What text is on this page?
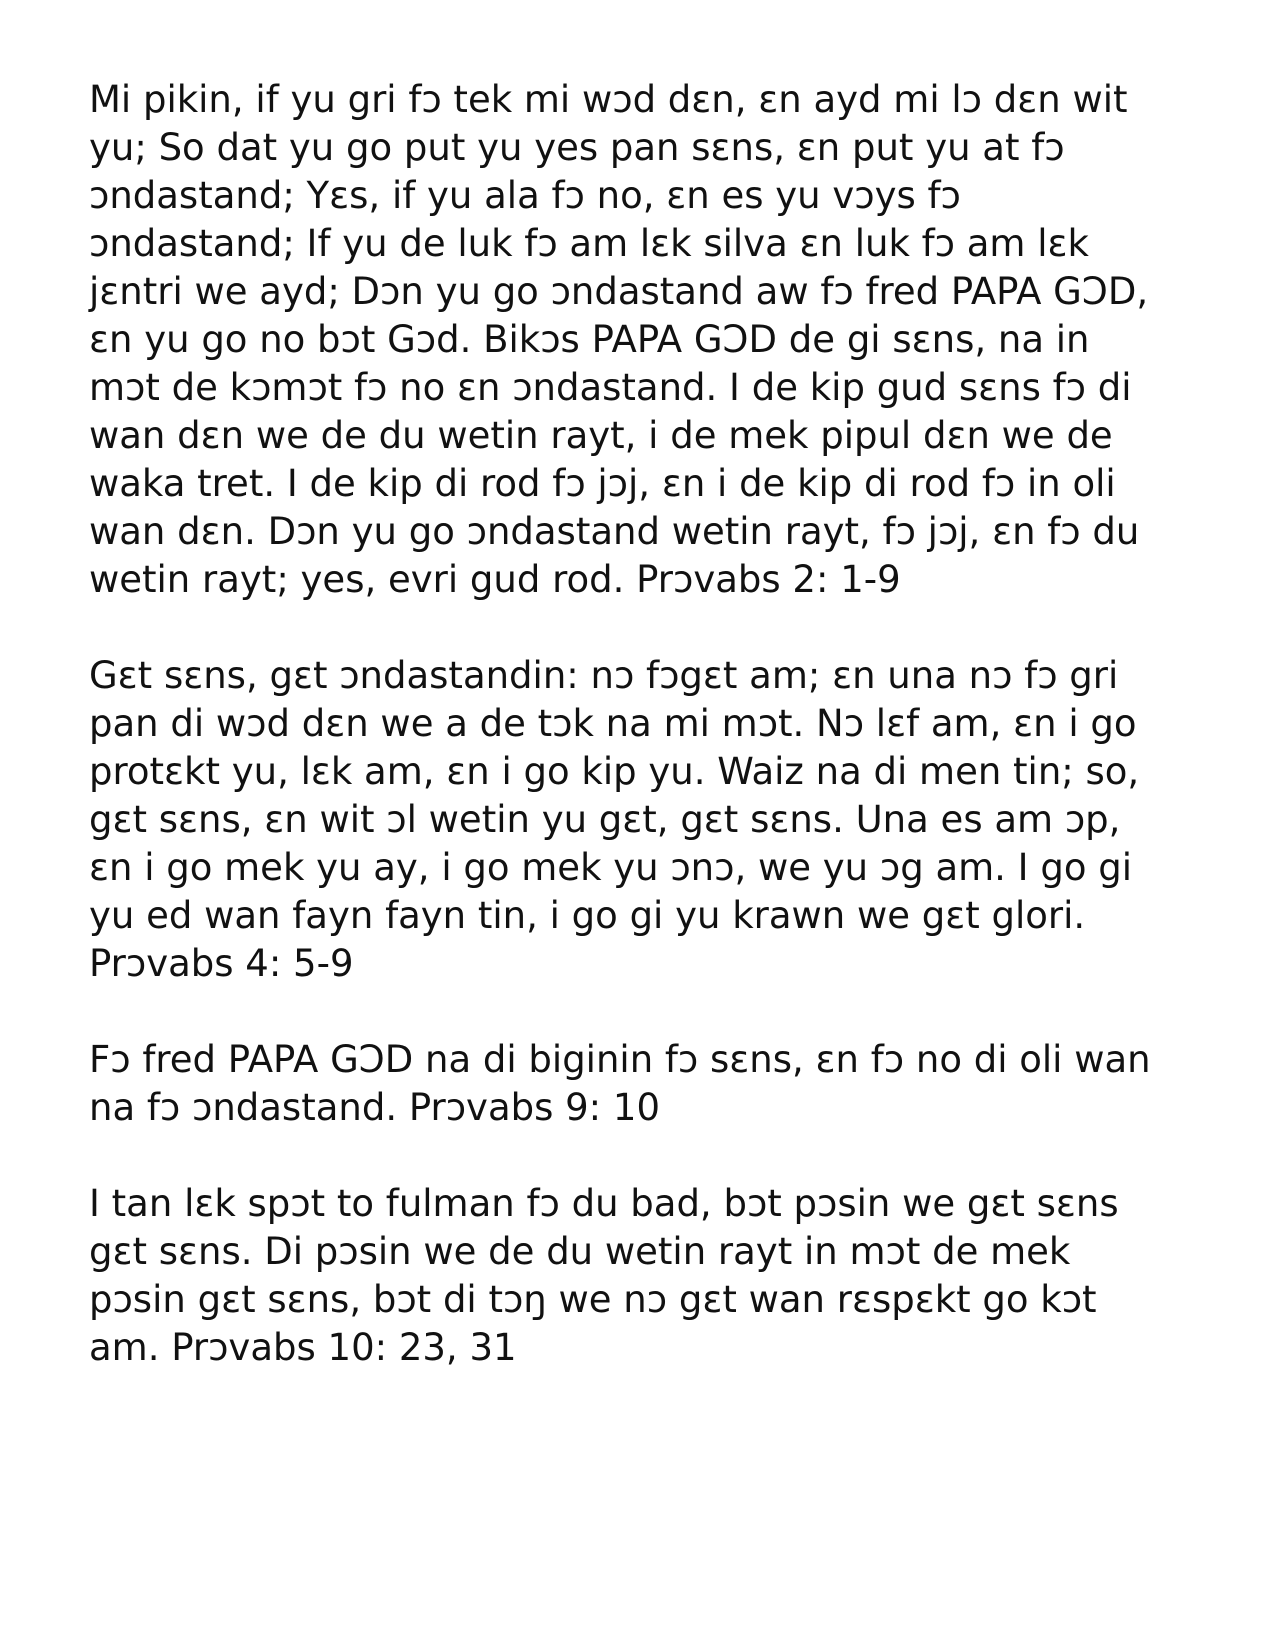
Mi pikin, if yu gri fɔ tek mi wɔd dɛn, ɛn ayd mi lɔ dɛn wit
yu; So dat yu go put yu yes pan sɛns, ɛn put yu at fɔ
ɔndastand; Yɛs, if yu ala fɔ no, ɛn es yu vɔys fɔ
ɔndastand; If yu de luk fɔ am lɛk silva ɛn luk fɔ am lɛk
jɛntri we ayd; Dɔn yu go ɔndastand aw fɔ fred PAPA GƆD,
ɛn yu go no bɔt Gɔd. Bikɔs PAPA GƆD de gi sɛns, na in
mɔt de kɔmɔt fɔ no ɛn ɔndastand. I de kip gud sɛns fɔ di
wan dɛn we de du wetin rayt, i de mek pipul dɛn we de
waka tret. I de kip di rod fɔ jɔj, ɛn i de kip di rod fɔ in oli
wan dɛn. Dɔn yu go ɔndastand wetin rayt, fɔ jɔj, ɛn fɔ du
wetin rayt; yes, evri gud rod. Prɔvabs 2: 1-9

Gɛt sɛns, gɛt ɔndastandin: nɔ fɔgɛt am; ɛn una nɔ fɔ gri
pan di wɔd dɛn we a de tɔk na mi mɔt. Nɔ lɛf am, ɛn i go
protɛkt yu, lɛk am, ɛn i go kip yu. Waiz na di men tin; so,
gɛt sɛns, ɛn wit ɔl wetin yu gɛt, gɛt sɛns. Una es am ɔp,
ɛn i go mek yu ay, i go mek yu ɔnɔ, we yu ɔg am. I go gi
yu ed wan fayn fayn tin, i go gi yu krawn we gɛt glori.
Prɔvabs 4: 5-9

Fɔ fred PAPA GƆD na di biginin fɔ sɛns, ɛn fɔ no di oli wan
na fɔ ɔndastand. Prɔvabs 9: 10

I tan lɛk spɔt to fulman fɔ du bad, bɔt pɔsin we gɛt sɛns
gɛt sɛns. Di pɔsin we de du wetin rayt in mɔt de mek
pɔsin gɛt sɛns, bɔt di tɔŋ we nɔ gɛt wan rɛspɛkt go kɔt
am. Prɔvabs 10: 23, 31
